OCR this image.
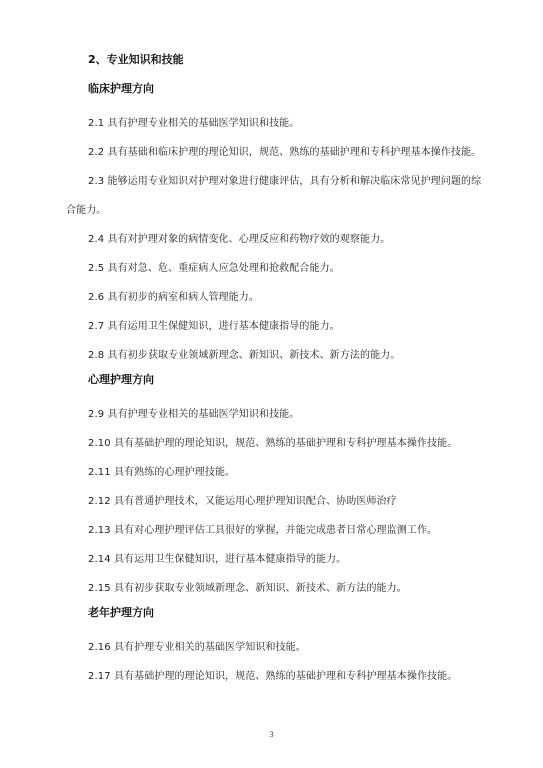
2、专业知识和技能

临床护理方向

2.1 具有护理专业相关的基础医学知识和技能。

2.2 具有基础和临床护理的理论知识，规范、熟练的基础护理和专科护理基本操作技能。

2.3 能够运用专业知识对护理对象进行健康评估，具有分析和解决临床常见护理问题的综合能力。

2.4 具有对护理对象的病情变化、心理反应和药物疗效的观察能力。

2.5 具有对急、危、重症病人应急处理和抢救配合能力。

2.6 具有初步的病室和病人管理能力。

2.7 具有运用卫生保健知识，进行基本健康指导的能力。

2.8 具有初步获取专业领域新理念、新知识、新技术、新方法的能力。

心理护理方向

2.9 具有护理专业相关的基础医学知识和技能。

2.10 具有基础护理的理论知识，规范、熟练的基础护理和专科护理基本操作技能。

2.11 具有熟练的心理护理技能。

2.12 具有普通护理技术，又能运用心理护理知识配合、协助医师治疗

2.13 具有对心理护理评估工具很好的掌握，并能完成患者日常心理监测工作。

2.14 具有运用卫生保健知识，进行基本健康指导的能力。

2.15 具有初步获取专业领域新理念、新知识、新技术、新方法的能力。

老年护理方向

2.16 具有护理专业相关的基础医学知识和技能。

2.17 具有基础护理的理论知识，规范、熟练的基础护理和专科护理基本操作技能。

3
